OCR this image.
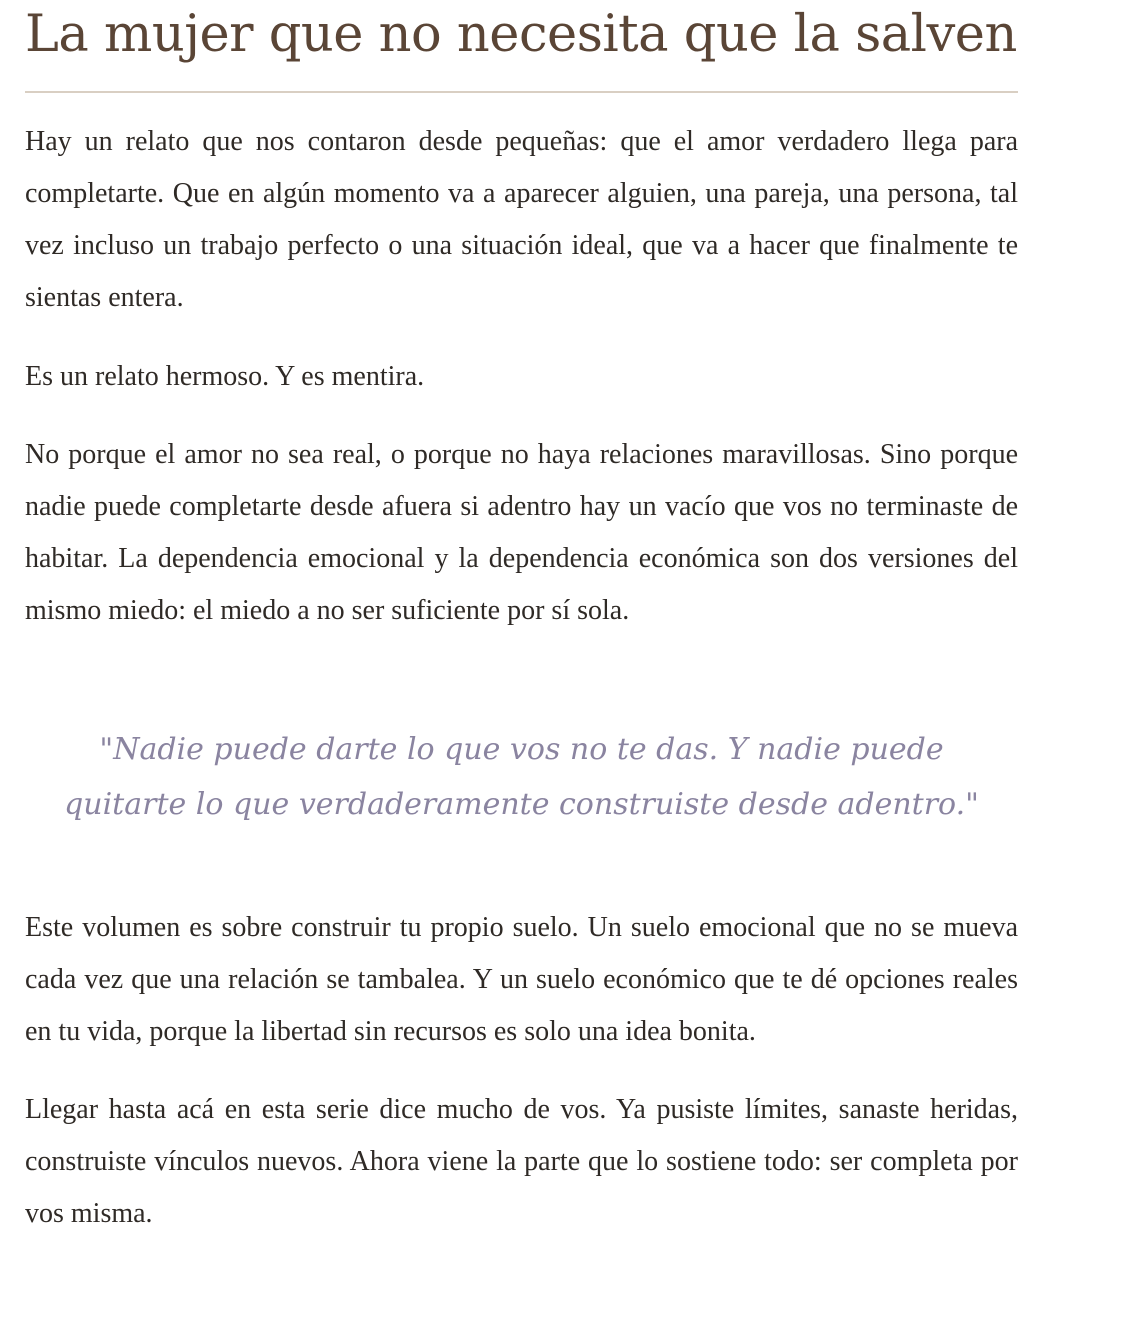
La mujer que no necesita que la salven

Hay un relato que nos contaron desde pequeñas: que el amor verdadero llega para completarte. Que en algún momento va a aparecer alguien, una pareja, una persona, tal vez incluso un trabajo perfecto o una situación ideal, que va a hacer que finalmente te sientas entera.

Es un relato hermoso. Y es mentira.

No porque el amor no sea real, o porque no haya relaciones maravillosas. Sino porque nadie puede completarte desde afuera si adentro hay un vacío que vos no terminaste de habitar. La dependencia emocional y la dependencia económica son dos versiones del mismo miedo: el miedo a no ser suficiente por sí sola.

"Nadie puede darte lo que vos no te das. Y nadie puede quitarte lo que verdaderamente construiste desde adentro."

Este volumen es sobre construir tu propio suelo. Un suelo emocional que no se mueva cada vez que una relación se tambalea. Y un suelo económico que te dé opciones reales en tu vida, porque la libertad sin recursos es solo una idea bonita.

Llegar hasta acá en esta serie dice mucho de vos. Ya pusiste límites, sanaste heridas, construiste vínculos nuevos. Ahora viene la parte que lo sostiene todo: ser completa por vos misma.
